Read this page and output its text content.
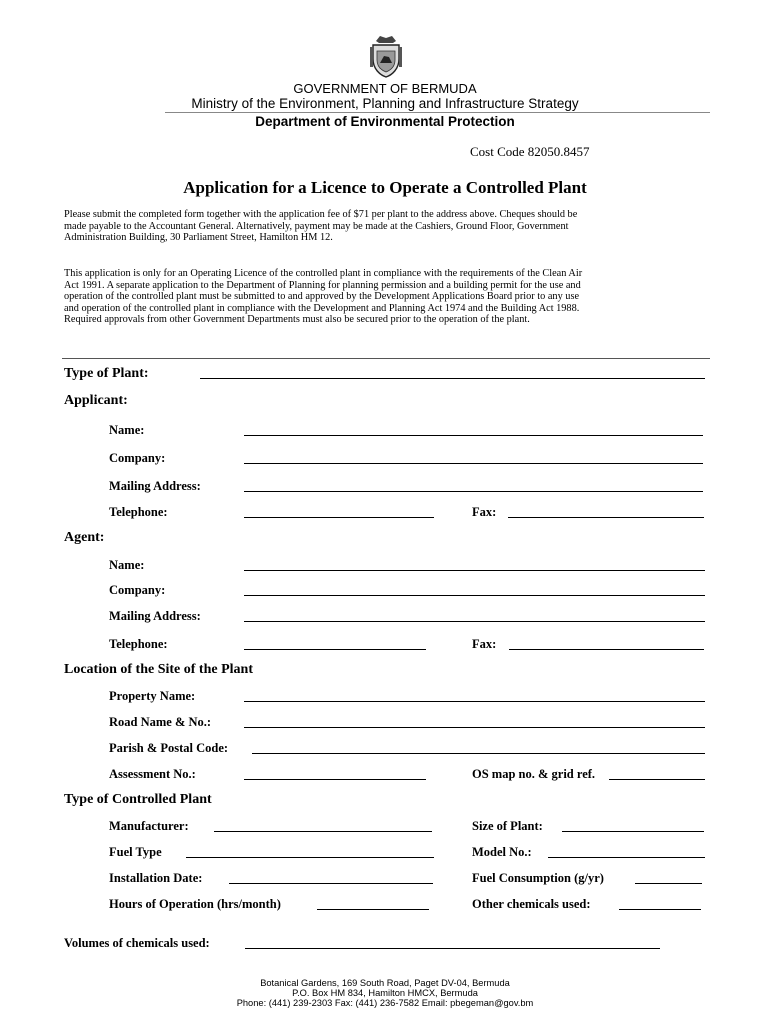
GOVERNMENT OF BERMUDA
Ministry of the Environment, Planning and Infrastructure Strategy
Department of Environmental Protection
Cost Code 82050.8457
Application for a Licence to Operate a Controlled Plant
Please submit the completed form together with the application fee of $71 per plant to the address above. Cheques should be
made payable to the Accountant General. Alternatively, payment may be made at the Cashiers, Ground Floor, Government
Administration Building, 30 Parliament Street, Hamilton HM 12.
This application is only for an Operating Licence of the controlled plant in compliance with the requirements of the Clean Air
Act 1991. A separate application to the Department of Planning for planning permission and a building permit for the use and
operation of the controlled plant must be submitted to and approved by the Development Applications Board prior to any use
and operation of the controlled plant in compliance with the Development and Planning Act 1974 and the Building Act 1988.
Required approvals from other Government Departments must also be secured prior to the operation of the plant.
Type of Plant:
Applicant:
Name:
Company:
Mailing Address:
Telephone:	Fax:
Agent:
Name:
Company:
Mailing Address:
Telephone:	Fax:
Location of the Site of the Plant
Property Name:
Road Name & No.:
Parish & Postal Code:
Assessment No.:	OS map no. & grid ref.
Type of Controlled Plant
Manufacturer:	Size of Plant:
Fuel Type	Model No.:
Installation Date:	Fuel Consumption (g/yr)
Hours of Operation (hrs/month)	Other chemicals used:
Volumes of chemicals used:
Botanical Gardens, 169 South Road, Paget DV-04, Bermuda
P.O. Box HM 834, Hamilton HMCX, Bermuda
Phone: (441) 239-2303 Fax: (441) 236-7582 Email: pbegeman@gov.bm
